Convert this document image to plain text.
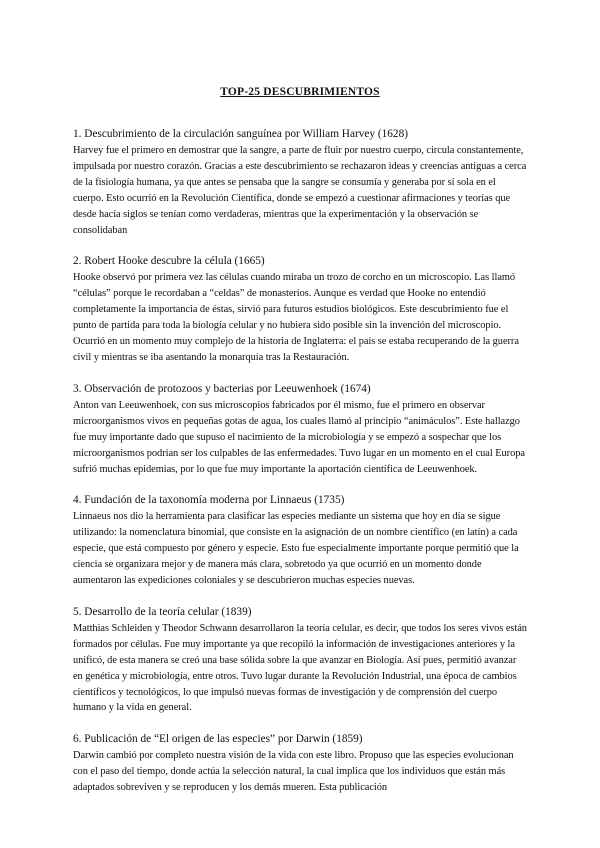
TOP-25 DESCUBRIMIENTOS

1. Descubrimiento de la circulación sanguínea por William Harvey (1628)

Harvey fue el primero en demostrar que la sangre, a parte de fluir por nuestro cuerpo, circula constantemente, impulsada por nuestro corazón. Gracias a este descubrimiento se rechazaron ideas y creencias antiguas a cerca de la fisiología humana, ya que antes se pensaba que la sangre se consumía y generaba por sí sola en el cuerpo. Esto ocurrió en la Revolución Científica, donde se empezó a cuestionar afirmaciones y teorías que desde hacía siglos se tenían como verdaderas, mientras que la experimentación y la observación se consolidaban

2. Robert Hooke descubre la célula (1665)

Hooke observó por primera vez las células cuando miraba un trozo de corcho en un microscopio. Las llamó “células” porque le recordaban a “celdas” de monasterios. Aunque es verdad que Hooke no entendió completamente la importancia de éstas, sirvió para futuros estudios biológicos. Este descubrimiento fue el punto de partida para toda la biología celular y no hubiera sido posible sin la invención del microscopio. Ocurrió en un momento muy complejo de la historia de Inglaterra: el país se estaba recuperando de la guerra civil y mientras se iba asentando la monarquía tras la Restauración.

3. Observación de protozoos y bacterias por Leeuwenhoek (1674)

Anton van Leeuwenhoek, con sus microscopios fabricados por él mismo, fue el primero en observar microorganismos vivos en pequeñas gotas de agua, los cuales llamó al principio “animáculos”. Este hallazgo fue muy importante dado que supuso el nacimiento de la microbiología y se empezó a sospechar que los microorganismos podrían ser los culpables de las enfermedades. Tuvo lugar en un momento en el cual Europa sufrió muchas epidemias, por lo que fue muy importante la aportación científica de Leeuwenhoek.

4. Fundación de la taxonomía moderna por Linnaeus (1735)

Linnaeus nos dio la herramienta para clasificar las especies mediante un sistema que hoy en día se sigue utilizando: la nomenclatura binomial, que consiste en la asignación de un nombre científico (en latín) a cada especie, que está compuesto por género y especie. Esto fue especialmente importante porque permitió que la ciencia se organizara mejor y de manera más clara, sobretodo ya que ocurrió en un momento donde aumentaron las expediciones coloniales y se descubrieron muchas especies nuevas.

5. Desarrollo de la teoría celular (1839)

Matthias Schleiden y Theodor Schwann desarrollaron la teoría celular, es decir, que todos los seres vivos están formados por células. Fue muy importante ya que recopiló la información de investigaciones anteriores y la unificó, de esta manera se creó una base sólida sobre la que avanzar en Biología. Así pues, permitió avanzar en genética y microbiología, entre otros. Tuvo lugar durante la Revolución Industrial, una época de cambios científicos y tecnológicos, lo que impulsó nuevas formas de investigación y de comprensión del cuerpo humano y la vida en general.

6. Publicación de “El origen de las especies” por Darwin (1859)

Darwin cambió por completo nuestra visión de la vida con este libro. Propuso que las especies evolucionan con el paso del tiempo, donde actúa la selección natural, la cual implica que los individuos que están más adaptados sobreviven y se reproducen y los demás mueren. Esta publicación
